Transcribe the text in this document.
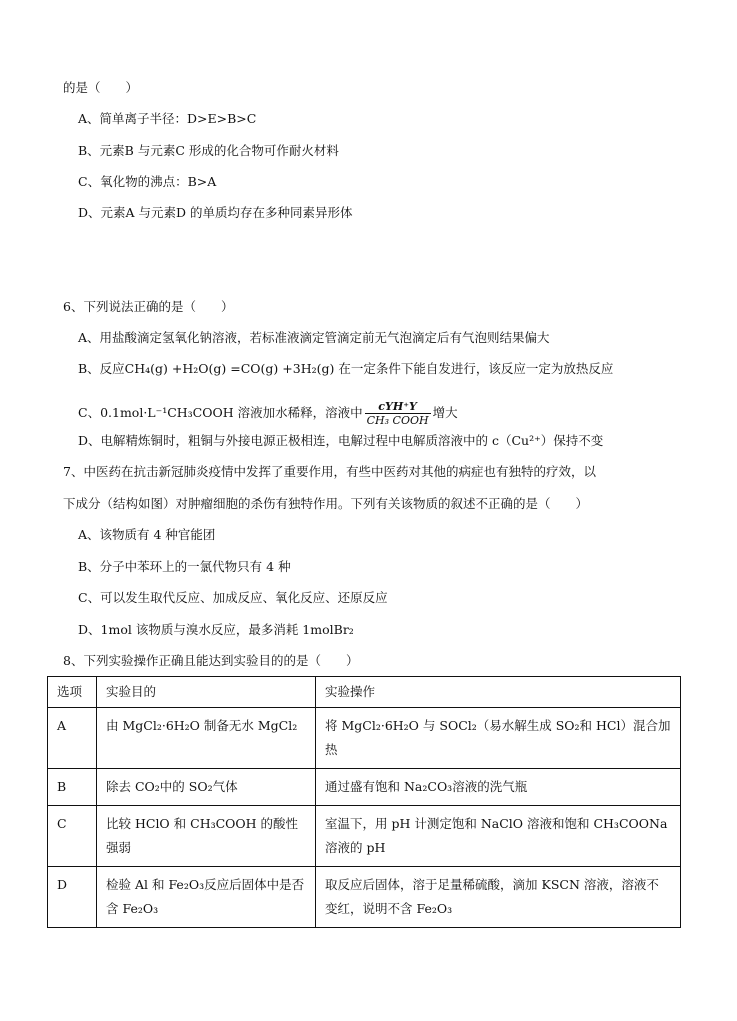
的是（　　）
A、简单离子半径：D>E>B>C
B、元素B 与元素C 形成的化合物可作耐火材料
C、氧化物的沸点：B>A
D、元素A 与元素D 的单质均存在多种同素异形体
6、下列说法正确的是（　　）
A、用盐酸滴定氢氧化钠溶液，若标准液滴定管滴定前无气泡滴定后有气泡则结果偏大
B、反应CH₄(g) +H₂O(g) =CO(g) +3H₂(g) 在一定条件下能自发进行，该反应一定为放热反应
C、0.1mol·L⁻¹CH₃COOH 溶液加水稀释，溶液中 $\frac{\text{cYH⁺Y}}{\text{CH₃ COOH}}$ 增大
D、电解精炼铜时，粗铜与外接电源正极相连，电解过程中电解质溶液中的 c（Cu²⁺）保持不变
7、中医药在抗击新冠肺炎疫情中发挥了重要作用，有些中医药对其他的病症也有独特的疗效，以
下成分（结构如图）对肿瘤细胞的杀伤有独特作用。下列有关该物质的叙述不正确的是（　　）
A、该物质有 4 种官能团
B、分子中苯环上的一氯代物只有 4 种
C、可以发生取代反应、加成反应、氧化反应、还原反应
D、1mol 该物质与溴水反应，最多消耗 1molBr₂
8、下列实验操作正确且能达到实验目的的是（　　）
选项	实验目的	实验操作
A	由 MgCl₂·6H₂O 制备无水 MgCl₂	将 MgCl₂·6H₂O 与 SOCl₂（易水解生成 SO₂和 HCl）混合加热
B	除去 CO₂中的 SO₂气体	通过盛有饱和 Na₂CO₃溶液的洗气瓶
C	比较 HClO 和 CH₃COOH 的酸性强弱	室温下，用 pH 计测定饱和 NaClO 溶液和饱和 CH₃COONa 溶液的 pH
D	检验 Al 和 Fe₂O₃反应后固体中是否含 Fe₂O₃	取反应后固体，溶于足量稀硫酸，滴加 KSCN 溶液，溶液不变红，说明不含 Fe₂O₃
